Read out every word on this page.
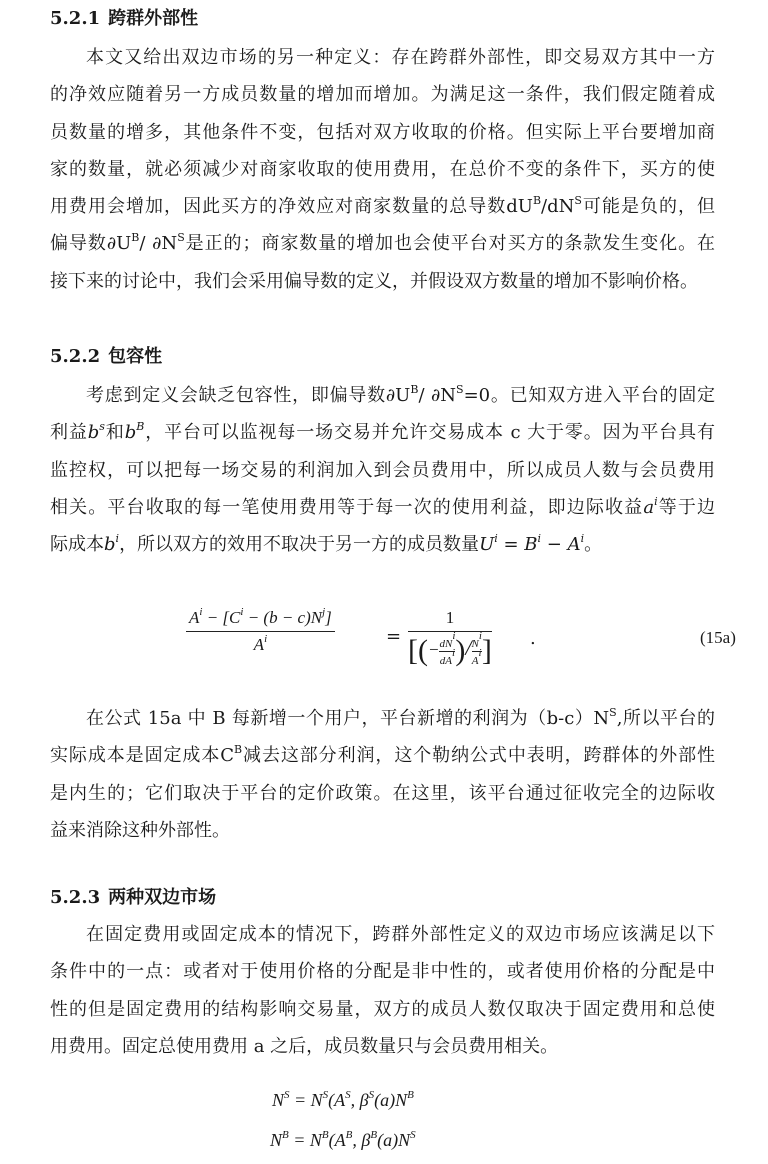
5.2.1 跨群外部性
本文又给出双边市场的另一种定义：存在跨群外部性，即交易双方其中一方
的净效应随着另一方成员数量的增加而增加。为满足这一条件，我们假定随着成
员数量的增多，其他条件不变，包括对双方收取的价格。但实际上平台要增加商
家的数量，就必须减少对商家收取的使用费用，在总价不变的条件下，买方的使
用费用会增加，因此买方的净效应对商家数量的总导数$dU^B/dN^S$可能是负的，但
偏导数$\partial U^B/$ $\partial N^S$是正的；商家数量的增加也会使平台对买方的条款发生变化。在
接下来的讨论中，我们会采用偏导数的定义，并假设双方数量的增加不影响价格。
5.2.2 包容性
考虑到定义会缺乏包容性，即偏导数$\partial U^B/$ $\partial N^S=0$。已知双方进入平台的固定
利益$b^s$和$b^B$，平台可以监视每一场交易并允许交易成本 c 大于零。因为平台具有
监控权，可以把每一场交易的利润加入到会员费用中，所以成员人数与会员费用
相关。平台收取的每一笔使用费用等于每一次的使用利益，即边际收益$a^i$等于边
际成本$b^i$，所以双方的效用不取决于另一方的成员数量$U^i = B^i - A^i$。
$A^i - [C^i - (b - c)N^j]$
$A^i$	=
1
[(− $\frac{dN^i}{dA^i}$ )/ $\frac{N^i}{A^i}$ ] .	(15a)
在公式 15a 中 B 每新增一个用户，平台新增的利润为$(b-c)N^S$,所以平台的
实际成本是固定成本$C^B$减去这部分利润，这个勒纳公式中表明，跨群体的外部性
是内生的；它们取决于平台的定价政策。在这里，该平台通过征收完全的边际收
益来消除这种外部性。
5.2.3 两种双边市场
在固定费用或固定成本的情况下，跨群外部性定义的双边市场应该满足以下
条件中的一点：或者对于使用价格的分配是非中性的，或者使用价格的分配是中
性的但是固定费用的结构影响交易量，双方的成员人数仅取决于固定费用和总使
用费用。固定总使用费用 a 之后，成员数量只与会员费用相关。
$N^S = N^S(A^S$, $\beta^S(a)N^B$
$N^B = N^B(A^B$, $\beta^B(a)N^S$
